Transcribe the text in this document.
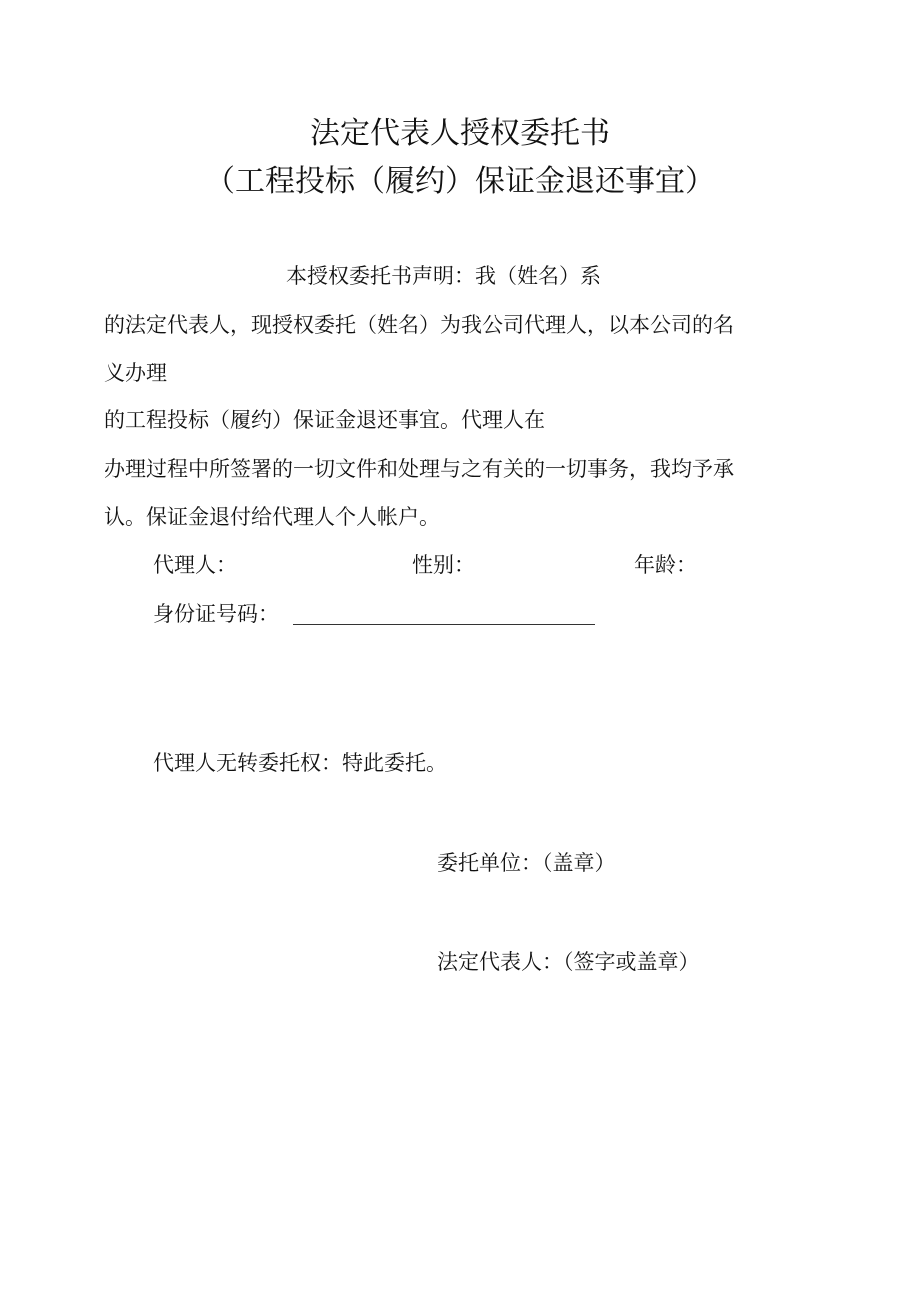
法定代表人授权委托书
（工程投标（履约）保证金退还事宜）
本授权委托书声明：我（姓名）系
的法定代表人，现授权委托（姓名）为我公司代理人，以本公司的名
义办理
的工程投标（履约）保证金退还事宜。代理人在
办理过程中所签署的一切文件和处理与之有关的一切事务，我均予承
认。保证金退付给代理人个人帐户。
代理人：	性别：	年龄：
身份证号码：
代理人无转委托权：特此委托。
委托单位：（盖章）
法定代表人：（签字或盖章）
